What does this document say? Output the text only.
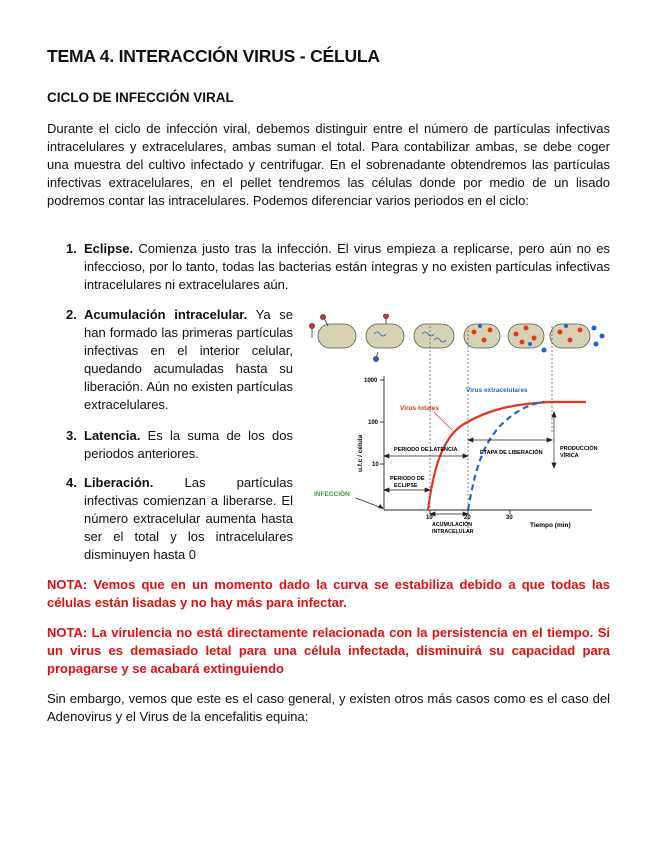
TEMA 4. INTERACCIÓN VIRUS - CÉLULA
CICLO DE INFECCIÓN VIRAL

Durante el ciclo de infección viral, debemos distinguir entre el número de partículas infectivas intracelulares y extracelulares, ambas suman el total. Para contabilizar ambas, se debe coger una muestra del cultivo infectado y centrifugar. En el sobrenadante obtendremos las partículas infectivas extracelulares, en el pellet tendremos las células donde por medio de un lisado podremos contar las intracelulares. Podemos diferenciar varios periodos en el ciclo:

1. Eclipse. Comienza justo tras la infección. El virus empieza a replicarse, pero aún no es infeccioso, por lo tanto, todas las bacterias están íntegras y no existen partículas infectivas intracelulares ni extracelulares aún.

2. Acumulación intracelular. Ya se han formado las primeras partículas infectivas en el interior celular, quedando acumuladas hasta su liberación. Aún no existen partículas extracelulares.

3. Latencia. Es la suma de los dos periodos anteriores.

4. Liberación. Las partículas infectivas comienzan a liberarse. El número extracelular aumenta hasta ser el total y los intracelulares disminuyen hasta 0

1000
100
10
10	20	30
Tiempo (min)
u.f.c / célula
Virus totales
Virus extracelulares
PERIODO DE LATENCIA
PERIODO DE
ECLIPSE
ETAPA DE LIBERACIÓN
PRODUCCIÓN
VÍRICA
INFECCIÓN
ACUMULACIÓN
INTRACELULAR

NOTA: Vemos que en un momento dado la curva se estabiliza debido a que todas las células están lisadas y no hay más para infectar.

NOTA: La virulencia no está directamente relacionada con la persistencia en el tiempo. Si un virus es demasiado letal para una célula infectada, disminuirá su capacidad para propagarse y se acabará extinguiendo

Sin embargo, vemos que este es el caso general, y existen otros más casos como es el caso del Adenovirus y el Virus de la encefalitis equina:
